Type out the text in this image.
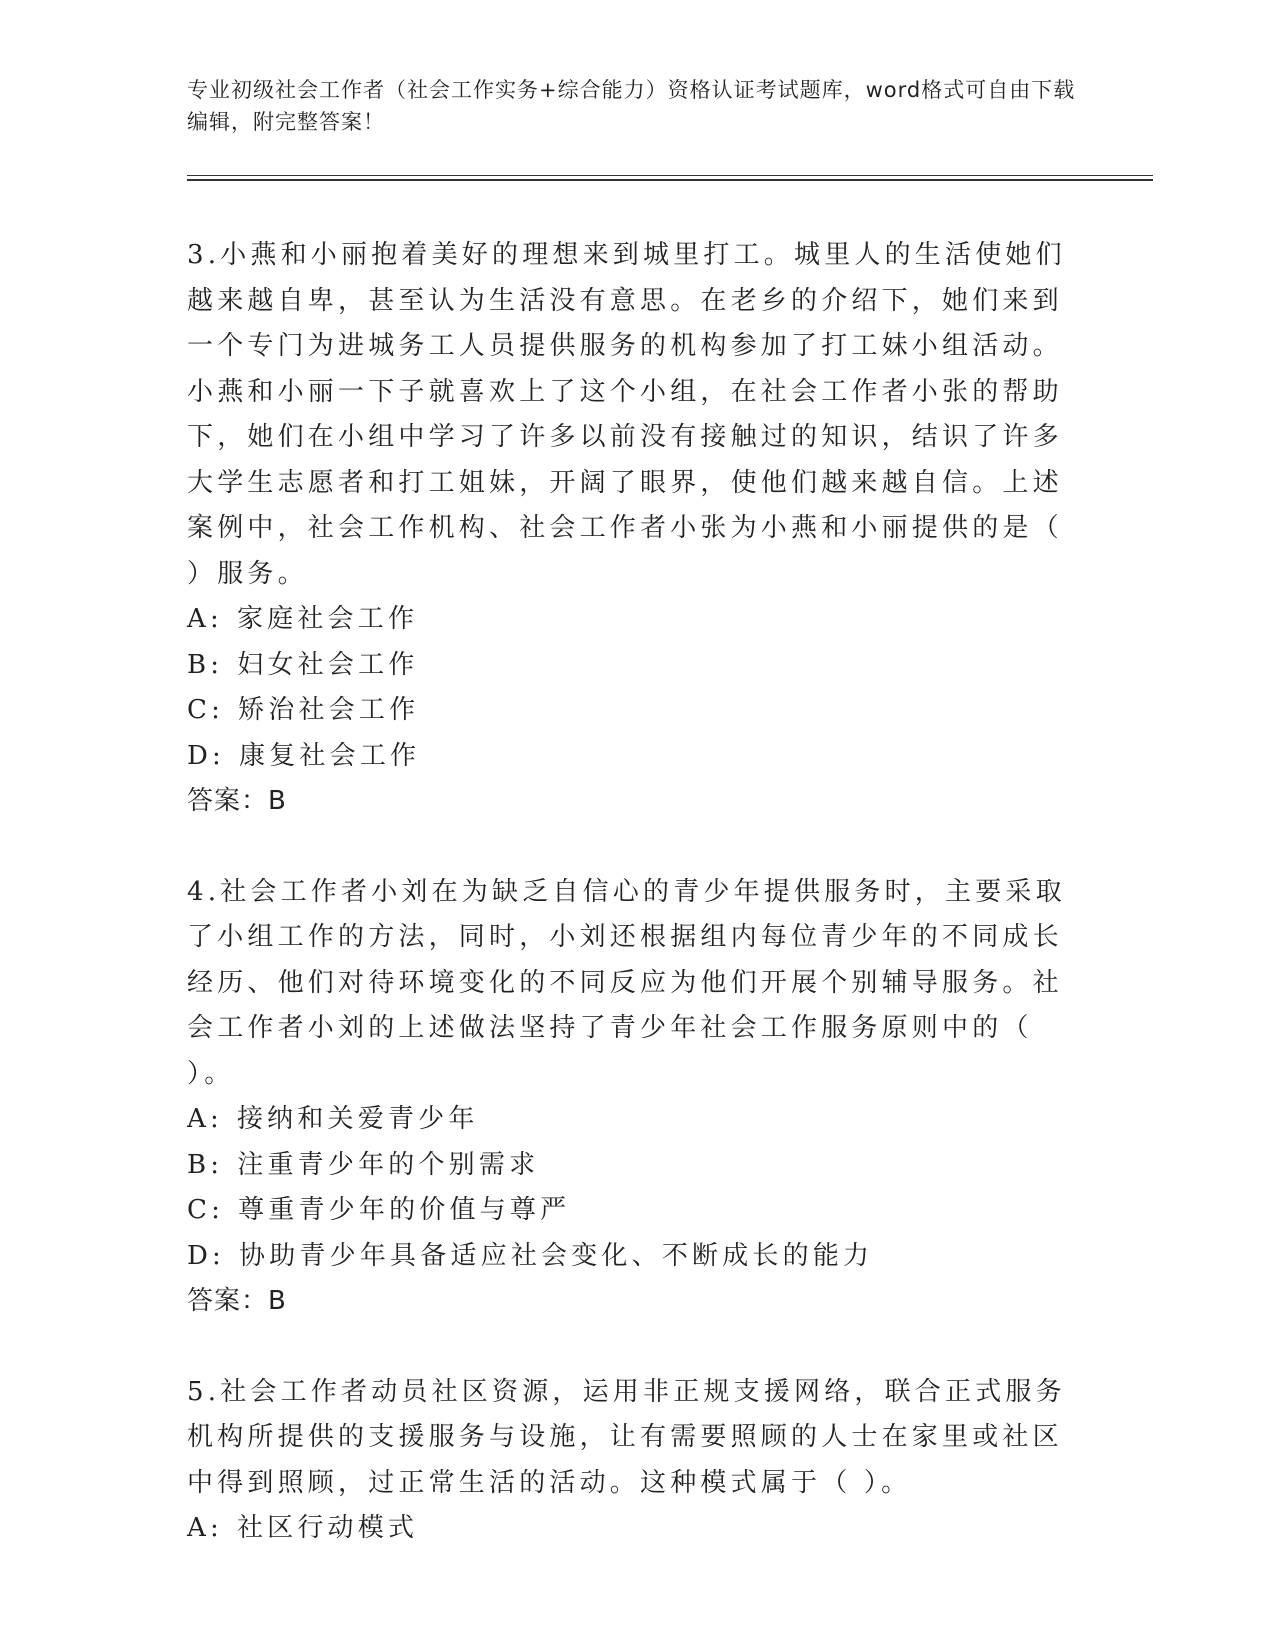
专业初级社会工作者（社会工作实务+综合能力）资格认证考试题库，word格式可自由下载编辑，附完整答案！

3.小燕和小丽抱着美好的理想来到城里打工。城里人的生活使她们越来越自卑，甚至认为生活没有意思。在老乡的介绍下，她们来到一个专门为进城务工人员提供服务的机构参加了打工妹小组活动。小燕和小丽一下子就喜欢上了这个小组，在社会工作者小张的帮助下，她们在小组中学习了许多以前没有接触过的知识，结识了许多大学生志愿者和打工姐妹，开阔了眼界，使他们越来越自信。上述案例中，社会工作机构、社会工作者小张为小燕和小丽提供的是（ ）服务。

A: 家庭社会工作

B: 妇女社会工作

C: 矫治社会工作

D: 康复社会工作

答案：B

4.社会工作者小刘在为缺乏自信心的青少年提供服务时，主要采取了小组工作的方法，同时，小刘还根据组内每位青少年的不同成长经历、他们对待环境变化的不同反应为他们开展个别辅导服务。社会工作者小刘的上述做法坚持了青少年社会工作服务原则中的（ ）。

A: 接纳和关爱青少年

B: 注重青少年的个别需求

C: 尊重青少年的价值与尊严

D: 协助青少年具备适应社会变化、不断成长的能力

答案：B

5.社会工作者动员社区资源，运用非正规支援网络，联合正式服务机构所提供的支援服务与设施，让有需要照顾的人士在家里或社区中得到照顾，过正常生活的活动。这种模式属于（ ）。

A: 社区行动模式
